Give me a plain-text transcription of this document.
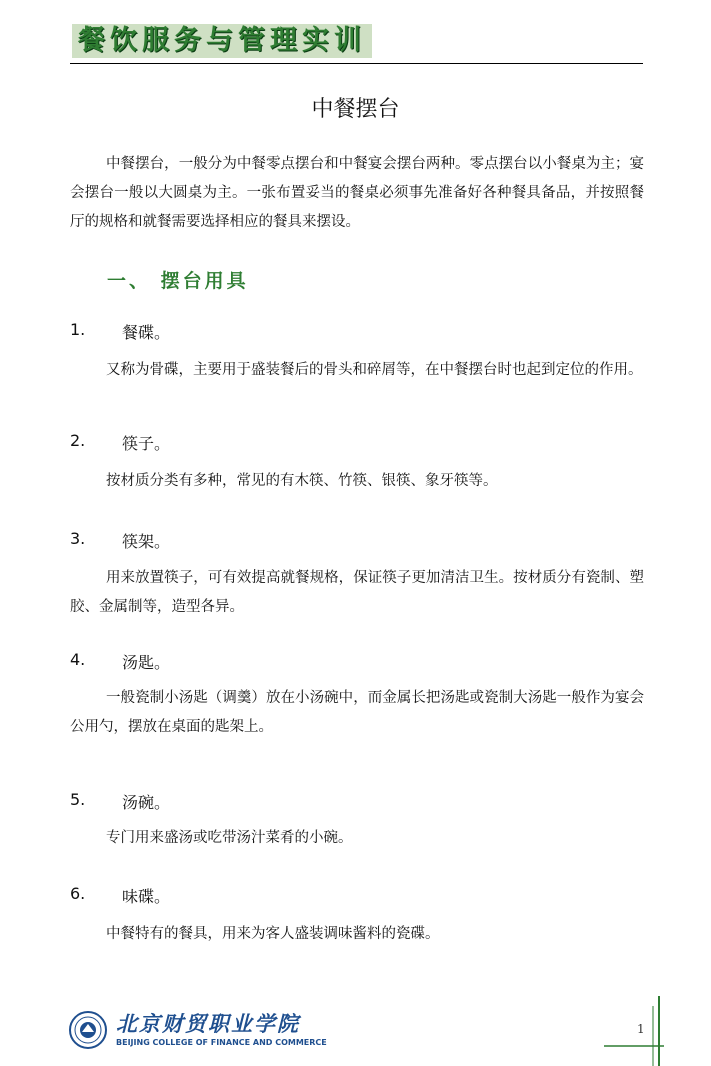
餐饮服务与管理实训
中餐摆台

中餐摆台，一般分为中餐零点摆台和中餐宴会摆台两种。零点摆台以小餐桌为主；宴会摆台一般以大圆桌为主。一张布置妥当的餐桌必须事先准备好各种餐具备品，并按照餐厅的规格和就餐需要选择相应的餐具来摆设。

一、 摆台用具
1. 餐碟。

又称为骨碟，主要用于盛装餐后的骨头和碎屑等，在中餐摆台时也起到定位的作用。

2. 筷子。

按材质分类有多种，常见的有木筷、竹筷、银筷、象牙筷等。

3. 筷架。

用来放置筷子，可有效提高就餐规格，保证筷子更加清洁卫生。按材质分有瓷制、塑胶、金属制等，造型各异。

4. 汤匙。

一般瓷制小汤匙（调羹）放在小汤碗中，而金属长把汤匙或瓷制大汤匙一般作为宴会公用勺，摆放在桌面的匙架上。

5. 汤碗。

专门用来盛汤或吃带汤汁菜肴的小碗。

6. 味碟。

中餐特有的餐具，用来为客人盛装调味酱料的瓷碟。

北京财贸职业学院
BEIJING COLLEGE OF FINANCE AND COMMERCE
1
